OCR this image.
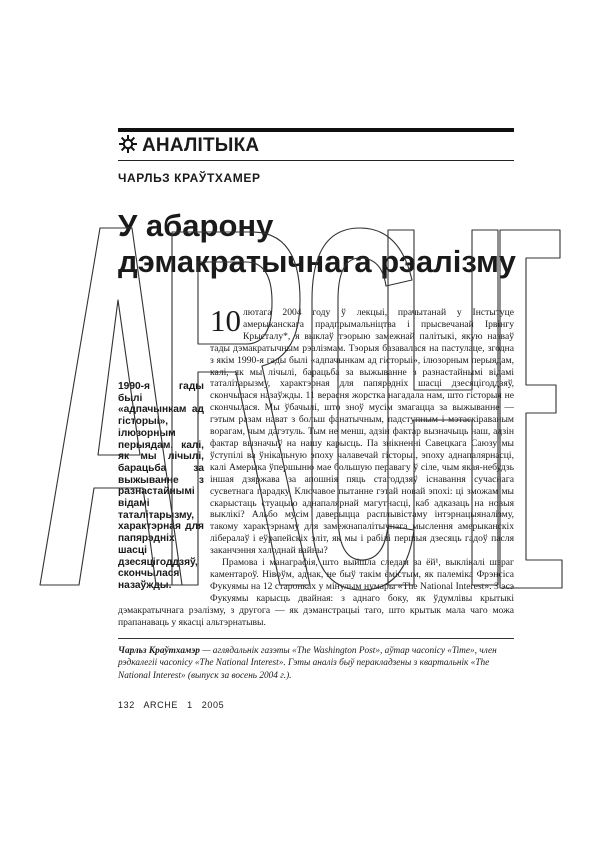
АНАЛІТЫКА
ЧАРЛЬЗ КРАЎТХАМЕР
У абарону
дэмакратычнага рэалізму
1990-я гады былі «адпачынкам ад гісторыі», ілюзорным перыядам, калі, як мы лічылі, барацьба за выжыванне з разнастайнымі відамі таталітарызму, характэрная для папярэдніх шасці дзесяцігоддзяў, скончылася назаўжды.

10 лютага 2004 году ў лекцыі, прачытанай у Інстытуце амерыканскага прадпрымальніцтва і прысвечанай Ірвінгу Крысталу*, я выклаў тэорыю замежнай палітыкі, якую назваў тады дэмакратычным рэалізмам. Тэорыя базавалася на пастулаце, згодна з якім 1990-я гады былі «адпачынкам ад гісторыі», ілюзорным перыядам, калі, як мы лічылі, барацьба за выжыванне з разнастайнымі відамі таталітарызму, характэрная для папярэдніх шасці дзесяцігоддзяў, скончылася назаўжды. 11 верасня жорстка нагадала нам, што гісторыя не скончылася. Мы ўбачылі, што зноў мусім змагацца за выжыванне — гэтым разам нават з больш фанатычным, падступным і мэтаскіраваным ворагам, чым дагэтуль. Тым не менш, адзін фактар вызначыць наш, адзін фактар вызначыў на нашу карысць. Па знікненні Савецкага Саюзу мы ўступілі ва ўнікальную эпоху чалавечай гісторыі, эпоху аднапалярнасці, калі Амерыка ўпершыню мае большую перавагу ў сіле, чым якая-небудзь іншая дзяржава за апошнія пяць стагоддзяў існавання сучаснага сусветнага парадку. Ключавое пытанне гэтай новай эпохі: ці зможам мы скарыстаць стуацыю аднапалярнай магутнасці, каб адказаць на новыя выклікі? Альбо мусім даверыцца расплывістаму інтэрнацыяналізму, такому характэрнаму для замежнапалітычнага мыслення амерыканскіх лібералаў і еўрапейскіх эліт, як мы і рабілі першыя дзесяць гадоў пасля заканчэння халоднай вайны?

Прамова і манаграфія, што выйшла следам за ёй¹, выклікалі шэраг каментароў. Нівоўм, аднак, не быў такім ёмістым, як палеміка Фрэнсіса Фукуямы на 12 старонках у мінулым нумары «The National Interest». З эсэ Фукуямы карысць двайная: з аднаго боку, як ўдумлівы крытыкі дэмакратычнага рэалізму, з другога — як дэманстрацыі таго, што крытык мала чаго можа прапанаваць у якасці альтэрнатывы.

Чарльз Краўтхамэр — аглядальнік газэты «The Washington Post», аўтар часопісу «Time», член рэдкалегіі часопісу «The National Interest». Гэты аналіз быў перакладзены з квартальнік «The National Interest» (выпуск за восень 2004 г.).
132 ARCHE 1 2005
